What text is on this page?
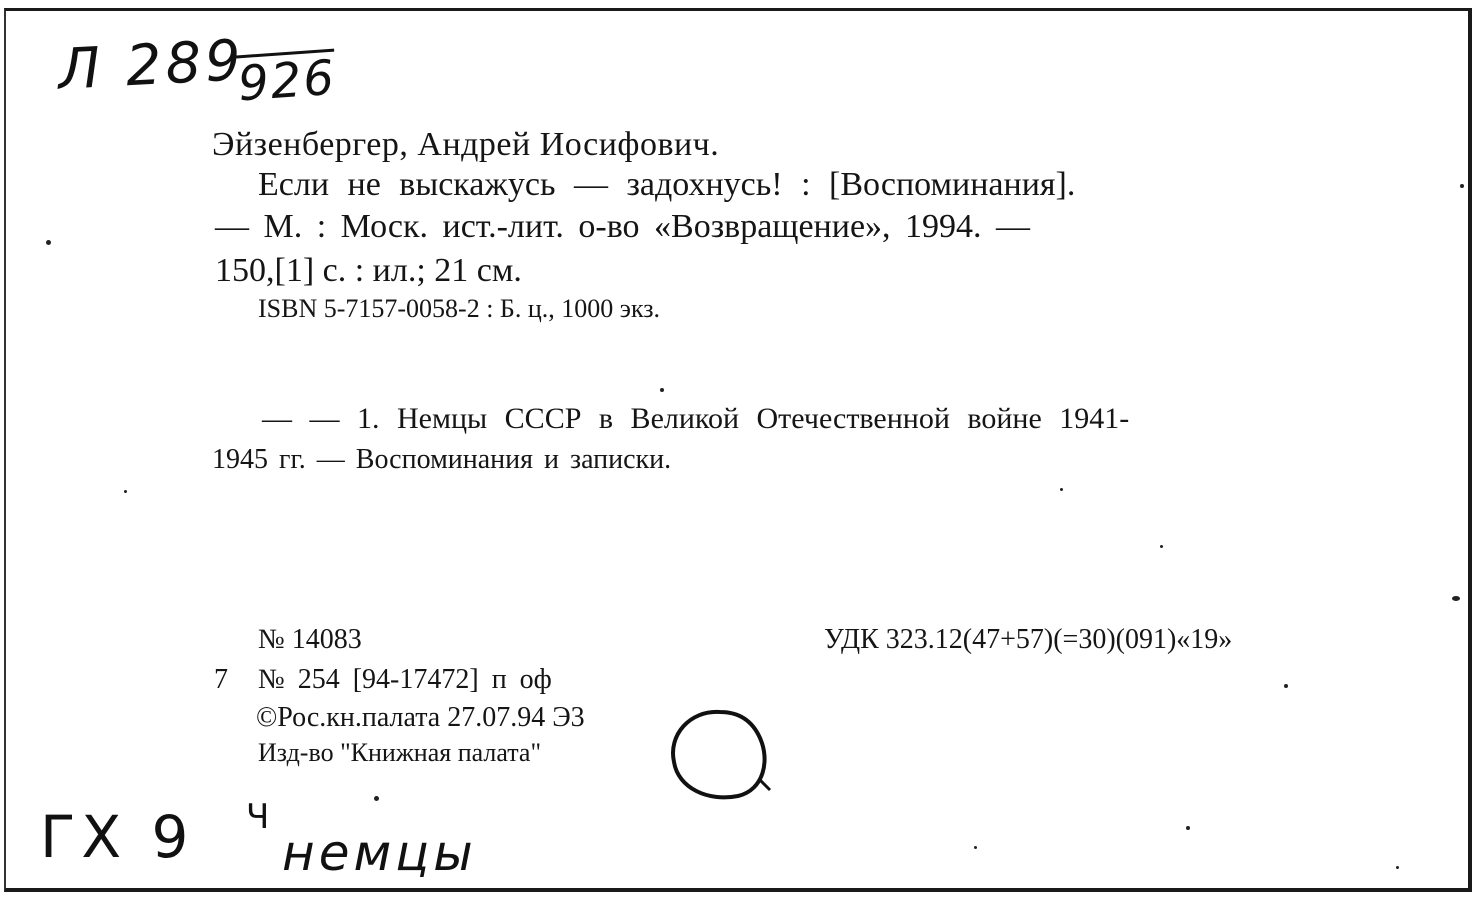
Л 289
926
Эйзенбергер, Андрей Иосифович.
Если не выскажусь — задохнусь! : [Воспоминания].
— М. : Моск. ист.-лит. о-во «Возвращение», 1994. —
150,[1] с. : ил.; 21 см.
ISBN 5-7157-0058-2 : Б. ц., 1000 экз.
— — 1. Немцы СССР в Великой Отечественной войне 1941-
1945 гг. — Воспоминания и записки.
№ 14083	УДК 323.12(47+57)(=30)(091)«19»
7 № 254 [94-17472] п оф
©Рос.кн.палата 27.07.94 Э3
Изд-во "Книжная палата"
ГХ 9 Ч
немцы
